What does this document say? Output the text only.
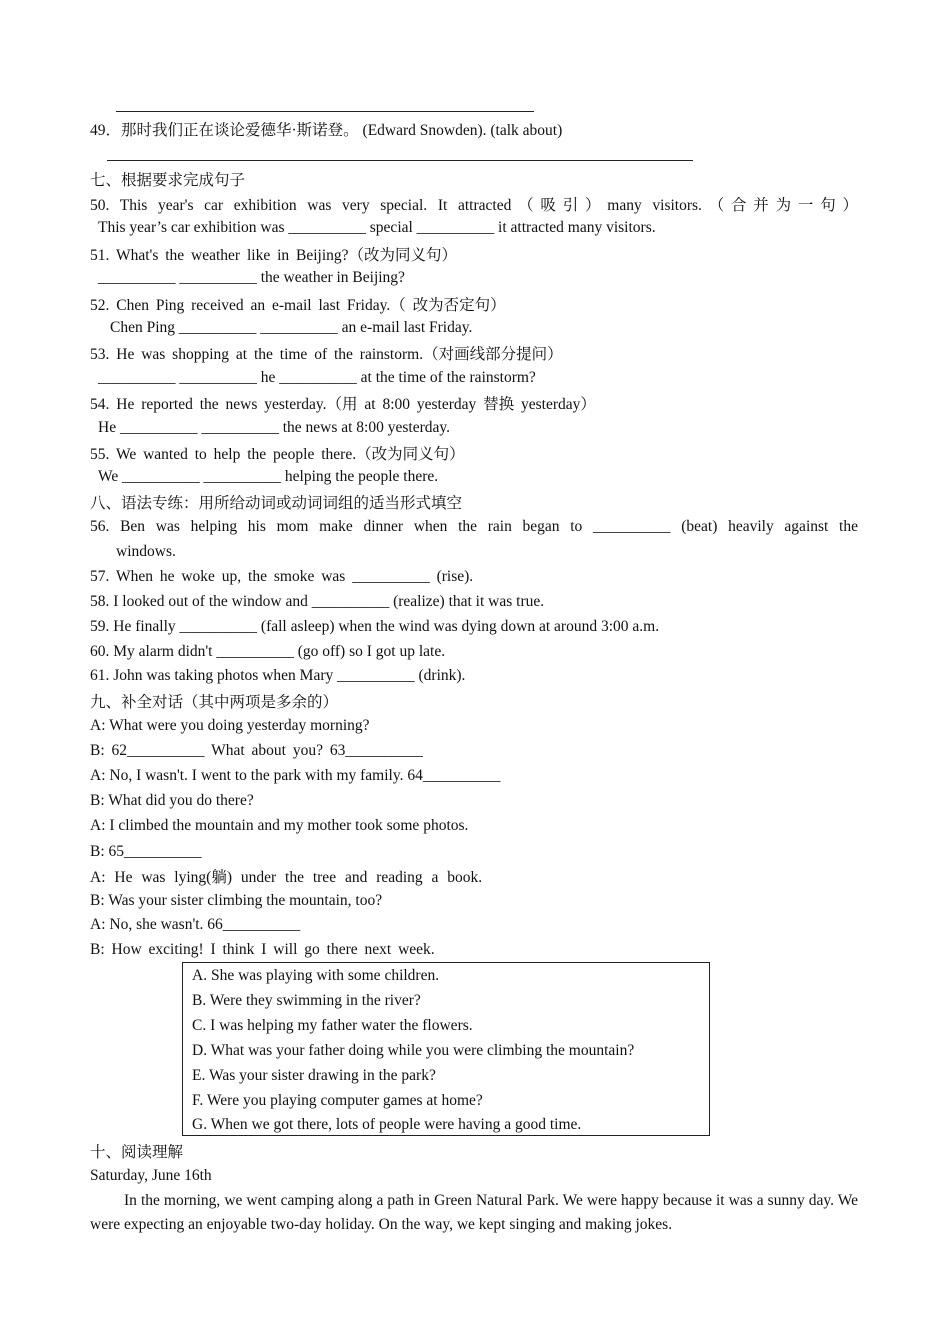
49．那时我们正在谈论爱德华·斯诺登。 (Edward Snowden). (talk about)
七、根据要求完成句子
50. This year's car exhibition was very special. It attracted（吸引）many visitors.（合并为一句）
This year’s car exhibition was __________ special __________ it attracted many visitors.
51. What's the weather like in Beijing?（改为同义句）
__________ __________ the weather in Beijing?
52. Chen Ping received an e-mail last Friday.（ 改为否定句）
Chen Ping __________ __________ an e-mail last Friday.
53. He was shopping at the time of the rainstorm.（对画线部分提问）
__________ __________ he __________ at the time of the rainstorm?
54. He reported the news yesterday.（用 at 8:00 yesterday 替换 yesterday）
He __________ __________ the news at 8:00 yesterday.
55. We wanted to help the people there.（改为同义句）
We __________ __________ helping the people there.
八、语法专练：用所给动词或动词词组的适当形式填空
56. Ben was helping his mom make dinner when the rain began to __________ (beat) heavily against the
windows.
57. When he woke up, the smoke was __________ (rise).
58. I looked out of the window and __________ (realize) that it was true.
59. He finally __________ (fall asleep) when the wind was dying down at around 3:00 a.m.
60. My alarm didn't __________ (go off) so I got up late.
61. John was taking photos when Mary __________ (drink).
九、补全对话（其中两项是多余的）
A: What were you doing yesterday morning?
B: 62__________ What about you? 63__________
A: No, I wasn't. I went to the park with my family. 64__________
B: What did you do there?
A: I climbed the mountain and my mother took some photos.
B: 65__________
A: He was lying(躺) under the tree and reading a book.
B: Was your sister climbing the mountain, too?
A: No, she wasn't. 66__________
B: How exciting! I think I will go there next week.
A. She was playing with some children.
B. Were they swimming in the river?
C. I was helping my father water the flowers.
D. What was your father doing while you were climbing the mountain?
E. Was your sister drawing in the park?
F. Were you playing computer games at home?
G. When we got there, lots of people were having a good time.
十、阅读理解
Saturday, June 16th
In the morning, we went camping along a path in Green Natural Park. We were happy because it was a sunny day. We were expecting an enjoyable two-day holiday. On the way, we kept singing and making jokes.
